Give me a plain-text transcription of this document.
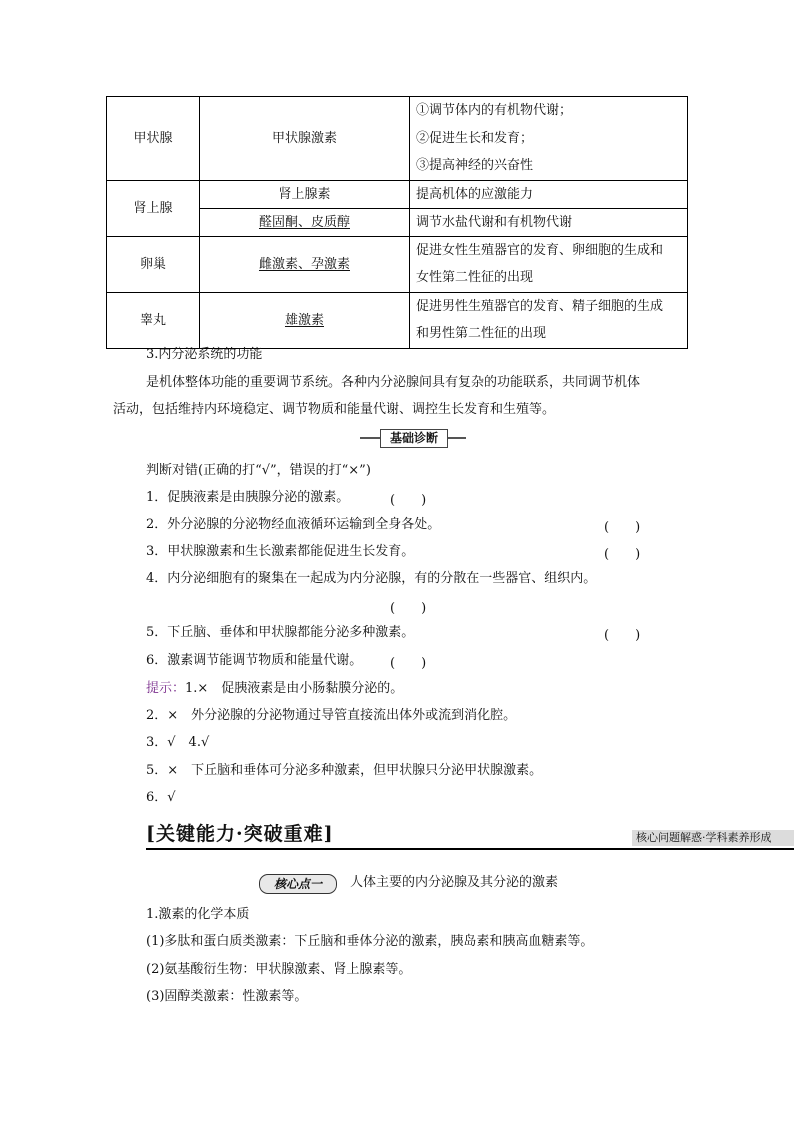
甲状腺	甲状腺激素	①调节体内的有机物代谢；
②促进生长和发育；
③提高神经的兴奋性

肾上腺	肾上腺素	提高机体的应激能力
	醛固酮、皮质醇	调节水盐代谢和有机物代谢
卵巢	雌激素、孕激素	促进女性生殖器官的发育、卵细胞的生成和
女性第二性征的出现

睾丸	雄激素	促进男性生殖器官的发育、精子细胞的生成
和男性第二性征的出现
3.内分泌系统的功能
是机体整体功能的重要调节系统。各种内分泌腺间具有复杂的功能联系，共同调节机体
活动，包括维持内环境稳定、调节物质和能量代谢、调控生长发育和生殖等。
基础诊断
判断对错(正确的打“√”，错误的打“×”)
1．促胰液素是由胰腺分泌的激素。	(　　)
2．外分泌腺的分泌物经血液循环运输到全身各处。	(　　)
3．甲状腺激素和生长激素都能促进生长发育。	(　　)
4．内分泌细胞有的聚集在一起成为内分泌腺，有的分散在一些器官、组织内。
(　　)
5．下丘脑、垂体和甲状腺都能分泌多种激素。	(　　)
6．激素调节能调节物质和能量代谢。 (　　)
提示：1.×　促胰液素是由小肠黏膜分泌的。
2．×　外分泌腺的分泌物通过导管直接流出体外或流到消化腔。
3．√　4.√
5．×　下丘脑和垂体可分泌多种激素，但甲状腺只分泌甲状腺激素。
6．√
[关键能力·突破重难]	核心问题解惑·学科素养形成
核心点一	人体主要的内分泌腺及其分泌的激素
1.激素的化学本质
(1)多肽和蛋白质类激素：下丘脑和垂体分泌的激素，胰岛素和胰高血糖素等。
(2)氨基酸衍生物：甲状腺激素、肾上腺素等。
(3)固醇类激素：性激素等。
